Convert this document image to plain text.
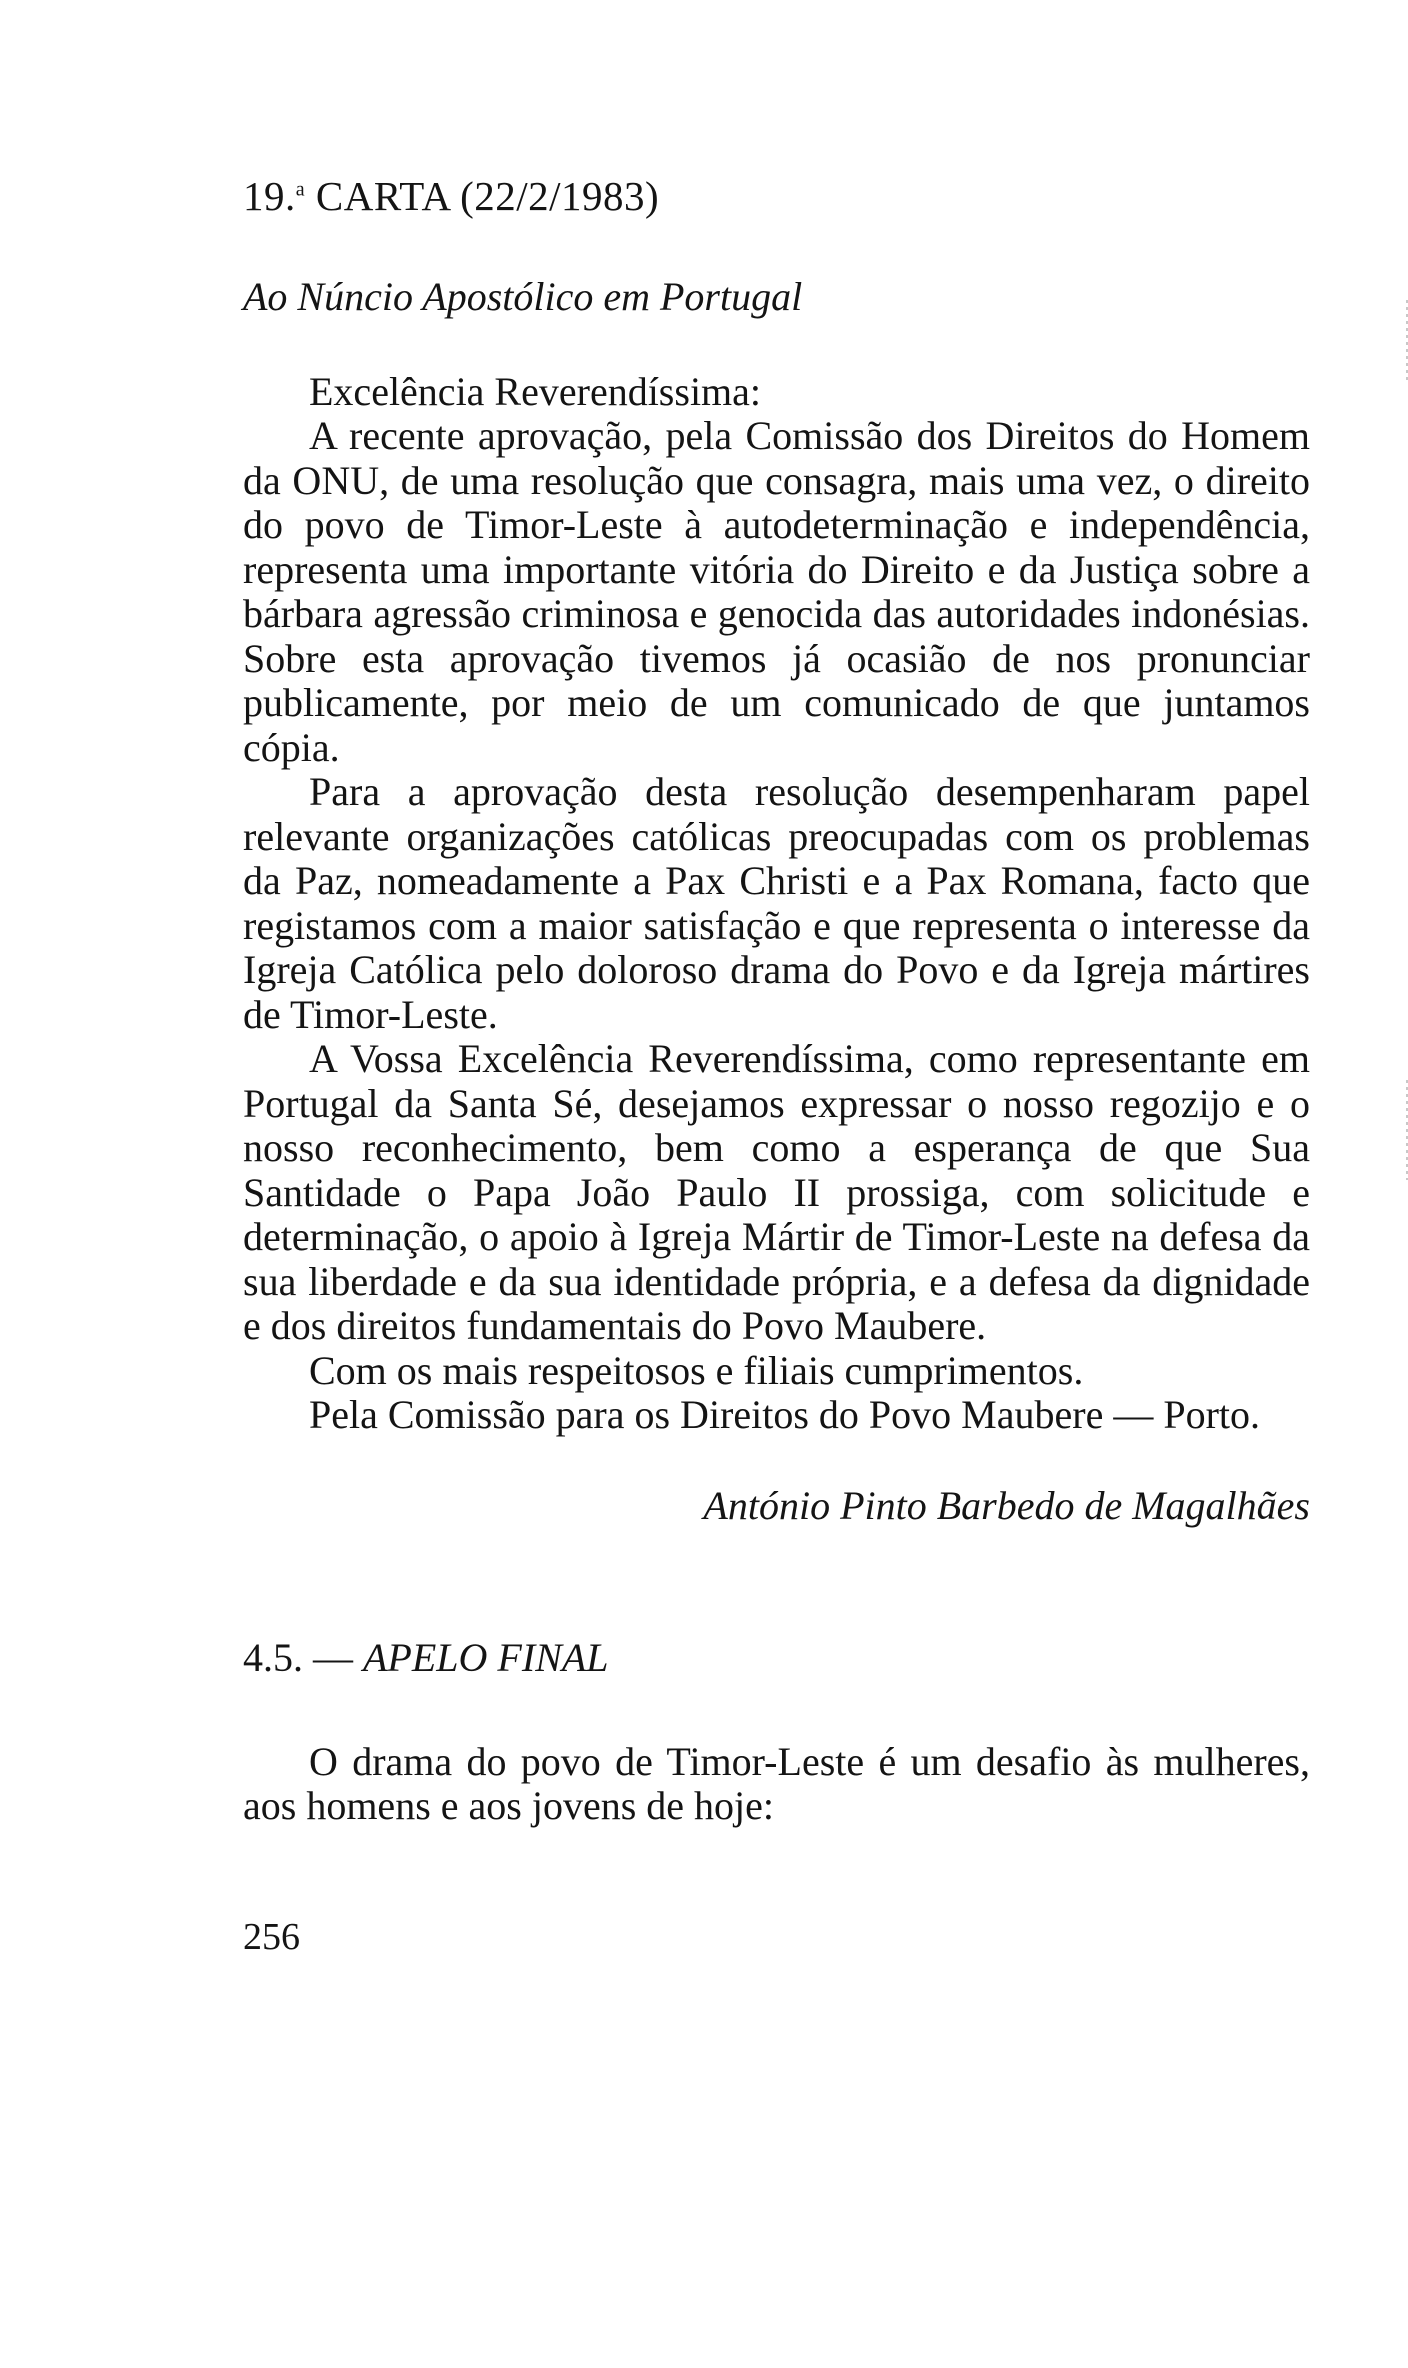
19.$^a$ CARTA (22/2/1983)
Ao Núncio Apostólico em Portugal
Excelência Reverendíssima:

A recente aprovação, pela Comissão dos Direitos do Homem da ONU, de uma resolução que consagra, mais uma vez, o direito do povo de Timor-Leste à autodeterminação e independência, representa uma importante vitória do Direito e da Justiça sobre a bárbara agressão criminosa e genocida das autoridades indonésias. Sobre esta aprovação tivemos já ocasião de nos pronunciar publicamente, por meio de um comunicado de que juntamos cópia.

Para a aprovação desta resolução desempenharam papel relevante organizações católicas preocupadas com os problemas da Paz, nomeadamente a Pax Christi e a Pax Romana, facto que registamos com a maior satisfação e que representa o interesse da Igreja Católica pelo doloroso drama do Povo e da Igreja mártires de Timor-Leste.

A Vossa Excelência Reverendíssima, como representante em Portugal da Santa Sé, desejamos expressar o nosso regozijo e o nosso reconhecimento, bem como a esperança de que Sua Santidade o Papa João Paulo II prossiga, com solicitude e determinação, o apoio à Igreja Mártir de Timor-Leste na defesa da sua liberdade e da sua identidade própria, e a defesa da dignidade e dos direitos fundamentais do Povo Maubere.

Com os mais respeitosos e filiais cumprimentos.

Pela Comissão para os Direitos do Povo Maubere — Porto.

António Pinto Barbedo de Magalhães
4.5. — APELO FINAL

O drama do povo de Timor-Leste é um desafio às mulheres, aos homens e aos jovens de hoje:

256
